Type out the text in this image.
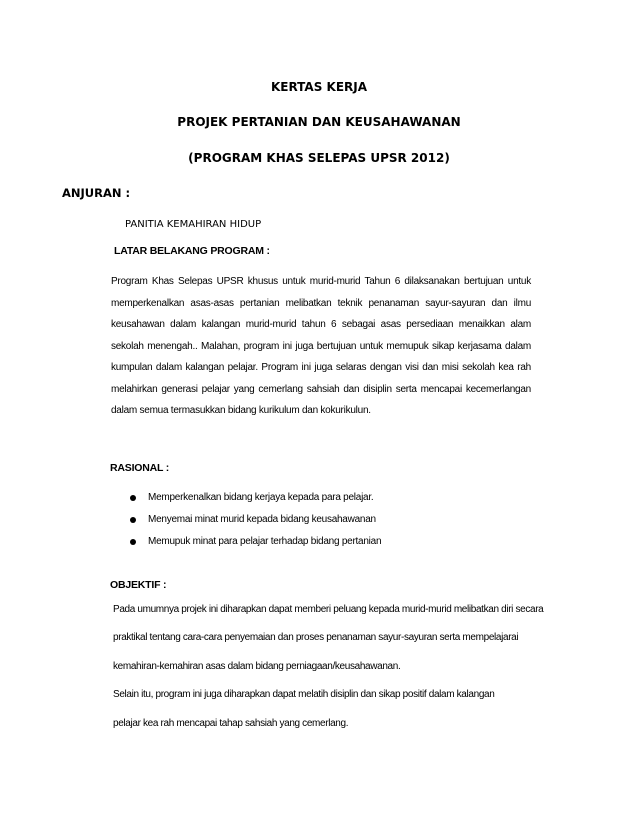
KERTAS KERJA
PROJEK PERTANIAN DAN KEUSAHAWANAN
(PROGRAM KHAS SELEPAS UPSR 2012)
ANJURAN :
PANITIA KEMAHIRAN HIDUP
LATAR BELAKANG PROGRAM :

Program Khas Selepas UPSR khusus untuk murid-murid Tahun 6 dilaksanakan bertujuan untuk memperkenalkan asas-asas pertanian melibatkan teknik penanaman sayur-sayuran dan ilmu keusahawan dalam kalangan murid-murid tahun 6 sebagai asas persediaan menaikkan alam sekolah menengah.. Malahan, program ini juga bertujuan untuk memupuk sikap kerjasama dalam kumpulan dalam kalangan pelajar. Program ini juga selaras dengan visi dan misi sekolah kea rah melahirkan generasi pelajar yang cemerlang sahsiah dan disiplin serta mencapai kecemerlangan dalam semua termasukkan bidang kurikulum dan kokurikulun.

RASIONAL :
Memperkenalkan bidang kerjaya kepada para pelajar.
Menyemai minat murid kepada bidang keusahawanan
Memupuk minat para pelajar terhadap bidang pertanian
OBJEKTIF :

Pada umumnya projek ini diharapkan dapat memberi peluang kepada murid-murid melibatkan diri secara

praktikal tentang cara-cara penyemaian dan proses penanaman sayur-sayuran serta mempelajarai

kemahiran-kemahiran asas dalam bidang perniagaan/keusahawanan.

Selain itu, program ini juga diharapkan dapat melatih disiplin dan sikap positif dalam kalangan

pelajar kea rah mencapai tahap sahsiah yang cemerlang.
